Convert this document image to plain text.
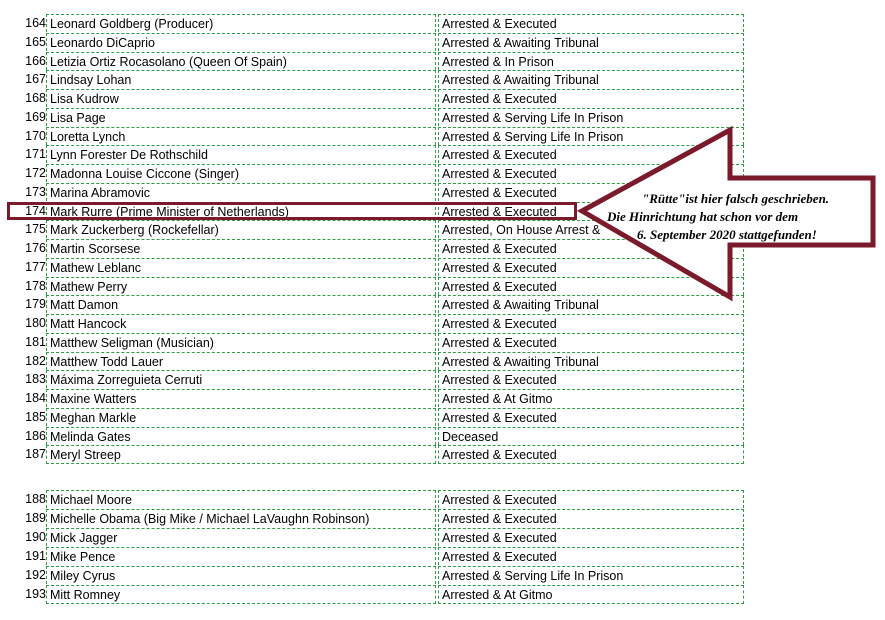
164 Leonard Goldberg (Producer)	Arrested & Executed
165 Leonardo DiCaprio	Arrested & Awaiting Tribunal
166 Letizia Ortiz Rocasolano (Queen Of Spain)	Arrested & In Prison
167 Lindsay Lohan	Arrested & Awaiting Tribunal
168 Lisa Kudrow	Arrested & Executed
169 Lisa Page	Arrested & Serving Life In Prison
170 Loretta Lynch	Arrested & Serving Life In Prison
171 Lynn Forester De Rothschild	Arrested & Executed
172 Madonna Louise Ciccone (Singer)	Arrested & Executed
173 Marina Abramovic	Arrested & Executed
174 Mark Rurre (Prime Minister of Netherlands)	Arrested & Executed
175 Mark Zuckerberg (Rockefellar)	Arrested, On House Arrest &
176 Martin Scorsese	Arrested & Executed
177 Mathew Leblanc	Arrested & Executed
178 Mathew Perry	Arrested & Executed
179 Matt Damon	Arrested & Awaiting Tribunal
180 Matt Hancock	Arrested & Executed
181 Matthew Seligman (Musician)	Arrested & Executed
182 Matthew Todd Lauer	Arrested & Awaiting Tribunal
183 Máxima Zorreguieta Cerruti	Arrested & Executed
184 Maxine Watters	Arrested & At Gitmo
185 Meghan Markle	Arrested & Executed
186 Melinda Gates	Deceased
187 Meryl Streep	Arrested & Executed
188 Michael Moore	Arrested & Executed
189 Michelle Obama (Big Mike / Michael LaVaughn Robinson)	Arrested & Executed
190 Mick Jagger	Arrested & Executed
191 Mike Pence	Arrested & Executed
192 Miley Cyrus	Arrested & Serving Life In Prison
193 Mitt Romney	Arrested & At Gitmo
"Rütte"ist hier falsch geschrieben.
Die Hinrichtung hat schon vor dem
6. September 2020 stattgefunden!
